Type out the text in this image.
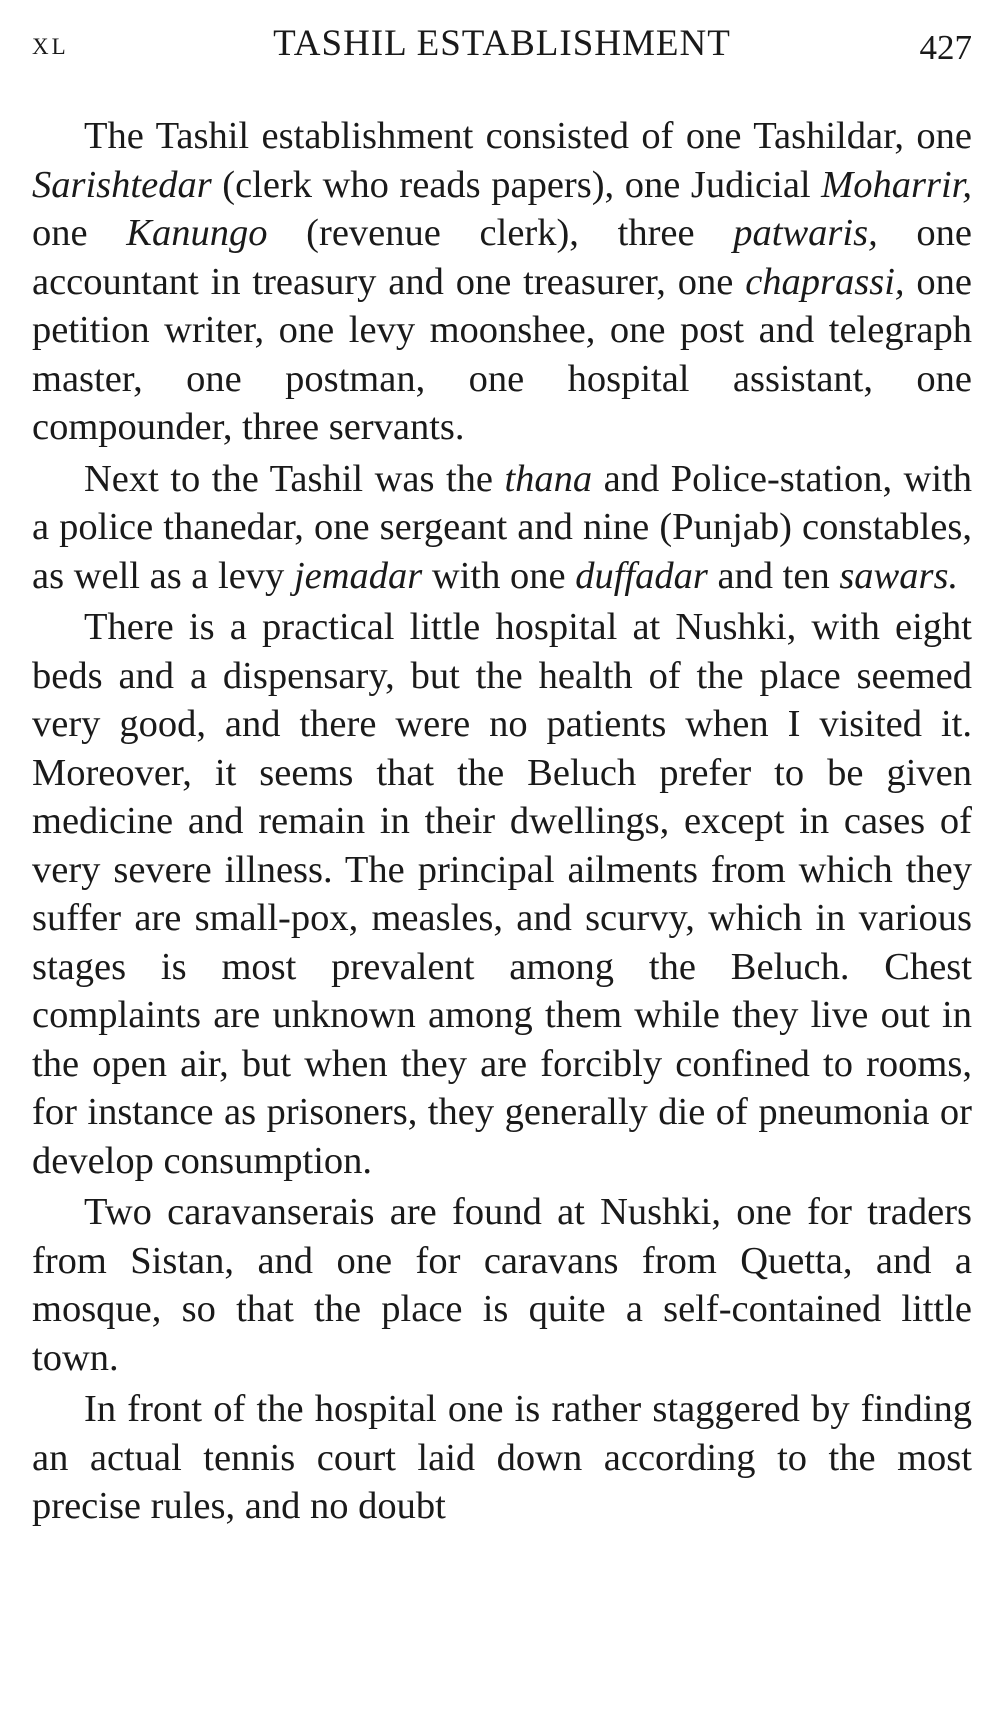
XL	TASHIL ESTABLISHMENT	427

The Tashil establishment consisted of one Tashildar, one Sarishtedar (clerk who reads papers), one Judicial Moharrir, one Kanungo (revenue clerk), three patwaris, one accountant in treasury and one treasurer, one chaprassi, one petition writer, one levy moonshee, one post and telegraph master, one postman, one hospital assistant, one compounder, three servants.

Next to the Tashil was the thana and Police-station, with a police thanedar, one sergeant and nine (Punjab) constables, as well as a levy jemadar with one duffadar and ten sawars.

There is a practical little hospital at Nushki, with eight beds and a dispensary, but the health of the place seemed very good, and there were no patients when I visited it. Moreover, it seems that the Beluch prefer to be given medicine and remain in their dwellings, except in cases of very severe illness. The principal ailments from which they suffer are small-pox, measles, and scurvy, which in various stages is most prevalent among the Beluch. Chest complaints are unknown among them while they live out in the open air, but when they are forcibly confined to rooms, for instance as prisoners, they generally die of pneumonia or develop consumption.

Two caravanserais are found at Nushki, one for traders from Sistan, and one for caravans from Quetta, and a mosque, so that the place is quite a self-contained little town.

In front of the hospital one is rather staggered by finding an actual tennis court laid down according to the most precise rules, and no doubt
